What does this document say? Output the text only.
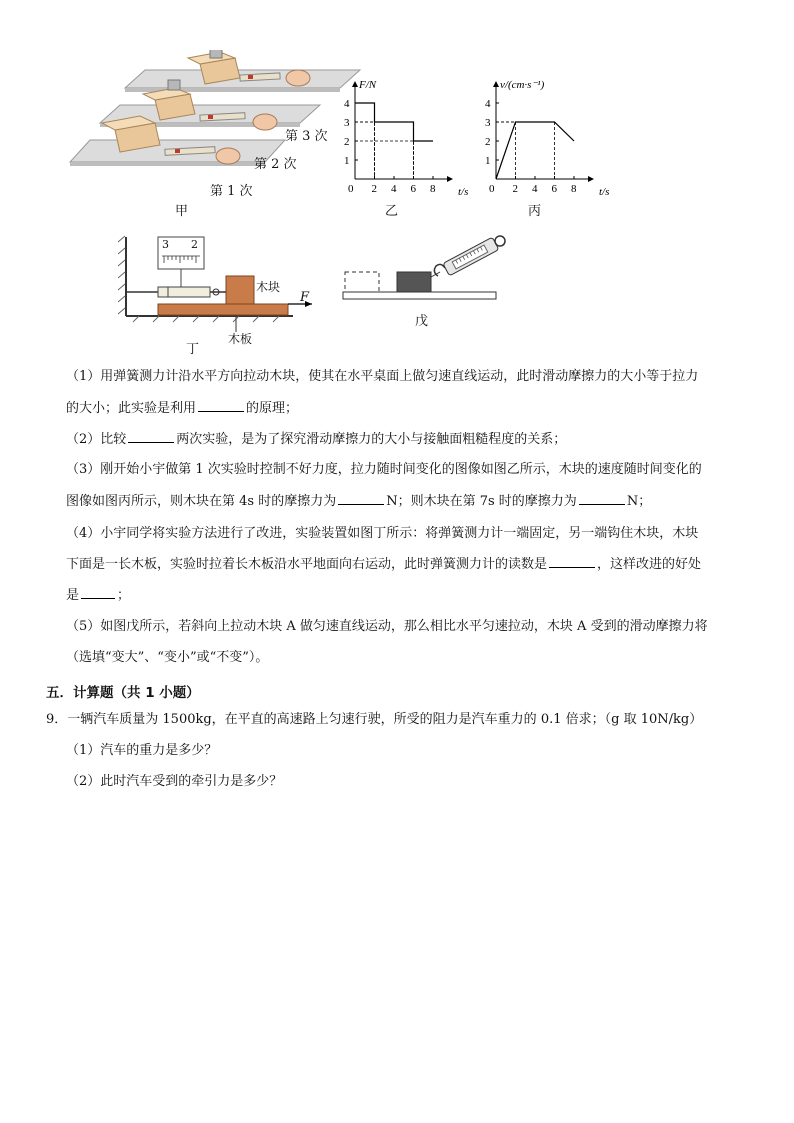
第 3 次
第 2 次
第 1 次
甲
0 2 4 6 8
4
3
2
1
F/N
t/s
乙
0 2 4 6 8
4
3
2
1
v/(cm·s⁻¹)
t/s
丙
3 2
木块
F
木板
丁
戊
（1）用弹簧测力计沿水平方向拉动木块，使其在水平桌面上做匀速直线运动，此时滑动摩擦力的大小等于拉力
的大小；此实验是利用	的原理；
（2）比较	两次实验，是为了探究滑动摩擦力的大小与接触面粗糙程度的关系；
（3）刚开始小宇做第 1 次实验时控制不好力度，拉力随时间变化的图像如图乙所示，木块的速度随时间变化的
图像如图丙所示，则木块在第 4s 时的摩擦力为	N；则木块在第 7s 时的摩擦力为	N；
（4）小宇同学将实验方法进行了改进，实验装置如图丁所示：将弹簧测力计一端固定，另一端钩住木块，木块
下面是一长木板，实验时拉着长木板沿水平地面向右运动，此时弹簧测力计的读数是	，这样改进的好处
是	；
（5）如图戊所示，若斜向上拉动木块 A 做匀速直线运动，那么相比水平匀速拉动，木块 A 受到的滑动摩擦力将
（选填“变大”、“变小”或“不变”）。
五．计算题（共 1 小题）
9．一辆汽车质量为 1500kg，在平直的高速路上匀速行驶，所受的阻力是汽车重力的 0.1 倍求；（g 取 10N/kg）
（1）汽车的重力是多少？
（2）此时汽车受到的牵引力是多少？
